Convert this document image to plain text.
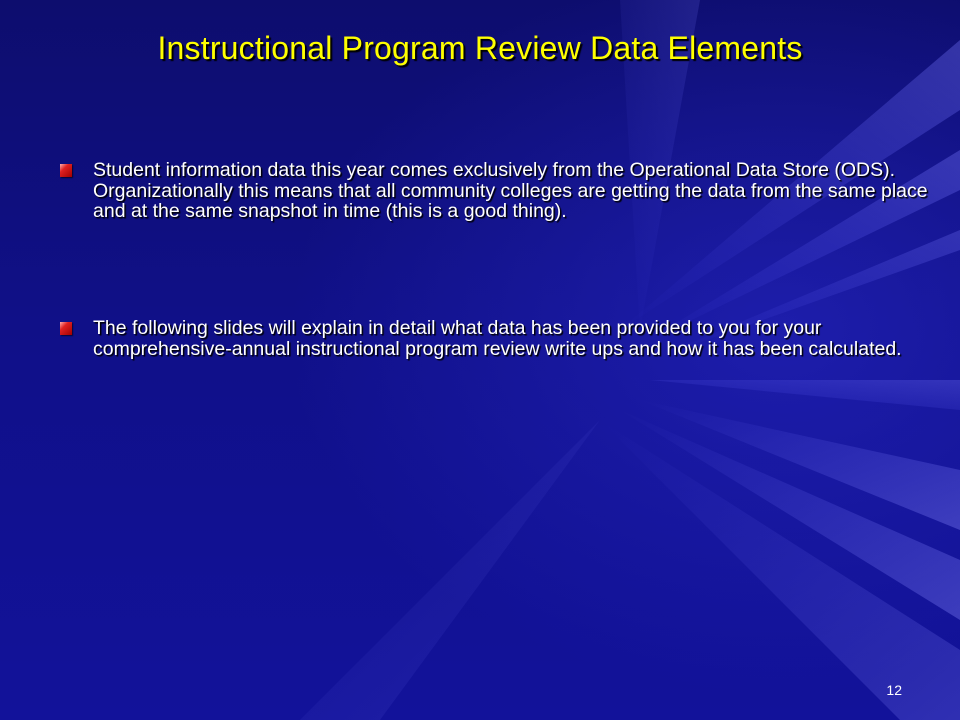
Instructional Program Review Data Elements
Student information data this year comes exclusively from the Operational Data Store (ODS). Organizationally this means that all community colleges are getting the data from the same place and at the same snapshot in time (this is a good thing).
The following slides will explain in detail what data has been provided to you for your comprehensive-annual instructional program review write ups and how it has been calculated.
12
